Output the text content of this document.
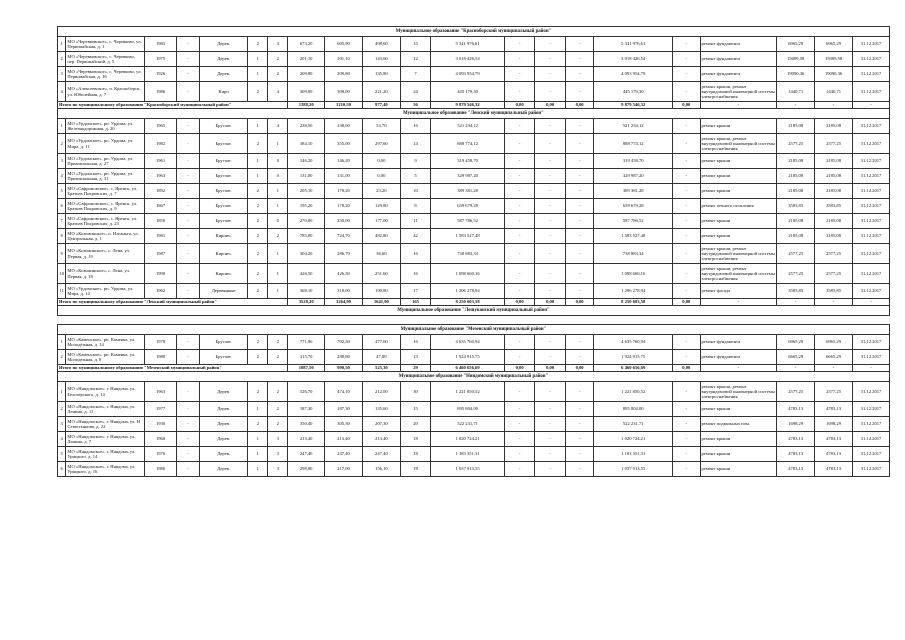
Муниципальное образование "Красноборский муниципальный район"																				
1	МО «Черевковское», с. Черевково, ул. Первомайская, д. 1	1983	-	Дерев.	2	3	673,20	605,90	498,60	15	5 341 976,61	-	-	-	5 341 976,61	-	ремонт фундамента	6965,29	6965,29	31.12.2017
2	МО «Черевковское», с. Черевково, пер. Первомайский, д. 5	1975	-	Дерев.	1	2	201,10	201,10	143,60	12	3 018 426,54	-	-	-	3 018 426,54	-	ремонт фундамента	15009,58	15009,58	31.12.2017
3	МО «Черевковское», с. Черевково, ул. Первомайская, д. 16	1926	-	Дерев.	1	2	209,80	209,80	135,80	7	4 093 954,79	-	-	-	4 093 954,79	-	ремонт фундамента	19090,36	19090,36	31.12.2017
4	МО «Алексеевское», п. Красноборск, ул. Юбилейная, д. 7	1986	-	Кирп	2	4	309,00	308,00	221,20	24	445 179,30	-	-	-	445 179,30	-	ремонт крыши, ремонт внутридомовой инженерной системы электроснабжения	1440,71	1440,71	31.12.2017
Итого по муниципальному образованию "Красноборский муниципальный район"							1388,20	1210,50	977,40	56	9 879 546,32	0,00	0,00	0,00	9 879 546,32	0,00	-	-	-	-
Муниципальное образование "Ленский муниципальный район"																				
1	МО «Урдомское», рп. Урдома, ул. Железнодорожная, д. 20	1965	-	Брусчат.	1	4	238,50	238,00	53,70	16	521 234,12	-	-	-	521 234,12	-	ремонт крыши	2185,08	2185,08	31.12.2017
2	МО «Урдомское», рп. Урдома, ул. Мира, д. 11	1982	-	Брусчат.	2	1	384,10	355,00	297,60	14	888 774,12	-	-	-	888 774,12	-	ремонт крыши, ремонт внутридомовой инженерной системы электроснабжения	2577,25	2577,25	31.12.2017
3	МО «Урдомское», рп. Урдома, ул. Привокзальная, д. 27	1961	-	Брусчат.	1	0	146,20	146,20	0,00	9	319 458,70	-	-	-	319 458,70	-	ремонт крыши	2185,08	2185,08	31.12.2017
4	МО «Урдомское», рп. Урдома, ул. Привокзальная, д. 31	1963	-	Брусчат.	1	0	131,00	131,00	0,00	5	329 987,20	-	-	-	329 987,20	-	ремонт крыши	2185,08	2185,08	31.12.2017
5	МО «Сафроновское», с. Яренск, ул. Братьев Покровских, д. 7	1892	-	Брусчат.	2	1	205,10	178,20	23,20	10	389 381,28	-	-	-	389 381,28	-	ремонт крыши	2185,08	2185,08	31.12.2017
6	МО «Сафроновское», с. Яренск, ул. Братьев Покровских, д. 9	1867	-	Брусчат.	2	1	195,20	178,20	129,80	8	639 679,28	-	-	-	639 679,28	-	ремонт печного отопления	3583,85	3583,85	31.12.2017
7	МО «Сафроновское», с. Яренск, ул. Братьев Покровских, д. 23	1850	-	Брусчат.	2	0	270,00	250,00	177,00	11	587 786,52	-	-	-	587 786,52	-	ремонт крыши	2185,08	2185,08	31.12.2017
8	МО «Козьминское», п. Илганьга, ул. Центральная, д. 1	1981	-	Кирпич.	2	2	785,00	724,70	482,80	42	1 583 527,48	-	-	-	1 583 527,48	-	ремонт крыши	2185,08	2185,08	31.12.2017
9	МО «Козьминское», с. Лена, ул. Первая, д. 19	1987	-	Кирпич.	2	1	304,20	286,70	36,60	16	738 883,34	-	-	-	738 883,34	-	ремонт крыши, ремонт внутридомовой инженерной системы электроснабжения	2577,25	2577,25	31.12.2017
10	МО «Козьминское», с. Лена, ул. Первая, д. 18	1990	-	Кирпич.	2	1	426,50	426,30	251,60	16	1 098 660,16	-	-	-	1 098 660,16	-	ремонт крыши, ремонт внутридомовой инженерной системы электроснабжения	2577,25	2577,25	31.12.2017
11	МО «Урдомское», рп. Урдома, ул. Мира, д. 14	1962	-	Деревянные	2	1	368,10	318,00	190,80	17	1 206 278,94	-	-	-	1 206 278,94	-	ремонт фасада	3585,85	3585,85	31.12.2017
Итого по муниципальному образованию "Ленский муниципальный район"							3528,20	3264,90	1641,90	165	8 250 603,58	0,00	0,00	0,00	8 250 603,58	0,00	-	-	-	-
Муниципальное образование "Лешуконский муниципальный район"																				

Муниципальное образование "Мезенский муниципальный район"																				
1	МО «Каменское», рп. Каменка, ул. Молодёжная, д. 14	1978	-	Брусчат.	2	2	771,80	702,30	477,60	16	4 635 760,94	-	-	-	4 635 760,94	-	ремонт фундамента	6965,29	6965,29	31.12.2017
2	МО «Каменское», рп. Каменка, ул. Молодёжная, д. 8	1980	-	Брусчат.	2	2	315,70	288,80	47,80	13	1 924 915,75	-	-	-	1 924 915,75	-	ремонт фундамента	6665,29	6665,29	31.12.2017
Итого по муниципальному образованию "Мезенский муниципальный район"							1087,50	990,50	525,30	29	6 460 656,69	0,00	0,00	0,00	6 460 656,69	0,00	-	-	-	-
Муниципальное образование "Няндомский муниципальный район"																				
1	МО «Няндомское», г. Няндома, ул. Белозёрского, д. 14	1963	-	Дерев.	2	2	526,70	474,10	212,00	30	1 221 850,52	-	-	-	1 221 850,52	-	ремонт крыши, ремонт внутридомовой инженерной системы электроснабжения	2577,25	2577,25	31.12.2017
2	МО «Няндомское», г. Няндома, ул. Ленина, д. 11	1977	-	Дерев.	1	2	187,30	187,30	135,60	15	895 804,00	-	-	-	895 804,00	-	ремонт крыши	4783,13	4783,13	31.12.2017
3	МО «Няндомское», г. Няндома, ул. Н. Севастьянова, д. 22	1930	-	Дерев.	2	2	350,40	305,30	207,30	20	522 231,71	-	-	-	522 231,71	-	ремонт подвальных пом.	1698,29	1698,29	31.12.2017
4	МО «Няндомское», г. Няндома, ул. Ленина, д. 7	1960	-	Дерев.	1	3	213,40	213,40	213,40	18	1 020 724,21	-	-	-	1 020 724,21	-	ремонт крыши	4783,13	4783,13	31.12.2017
5	МО «Няндомское», г. Няндома, ул. Урицкого, д. 14	1976	-	Дерев.	1	3	247,40	247,40	247,40	18	1 183 351,31	-	-	-	1 183 351,31	-	ремонт крыши	4783,13	4783,13	31.12.2017
6	МО «Няндомское», г. Няндома, ул. Урицкого, д. 16	1986	-	Дерев.	1	3	298,80	217,00	156,10	18	1 037 913,55	-	-	-	1 037 913,55	-	ремонт крыши	4783,13	4783,13	31.12.2017
